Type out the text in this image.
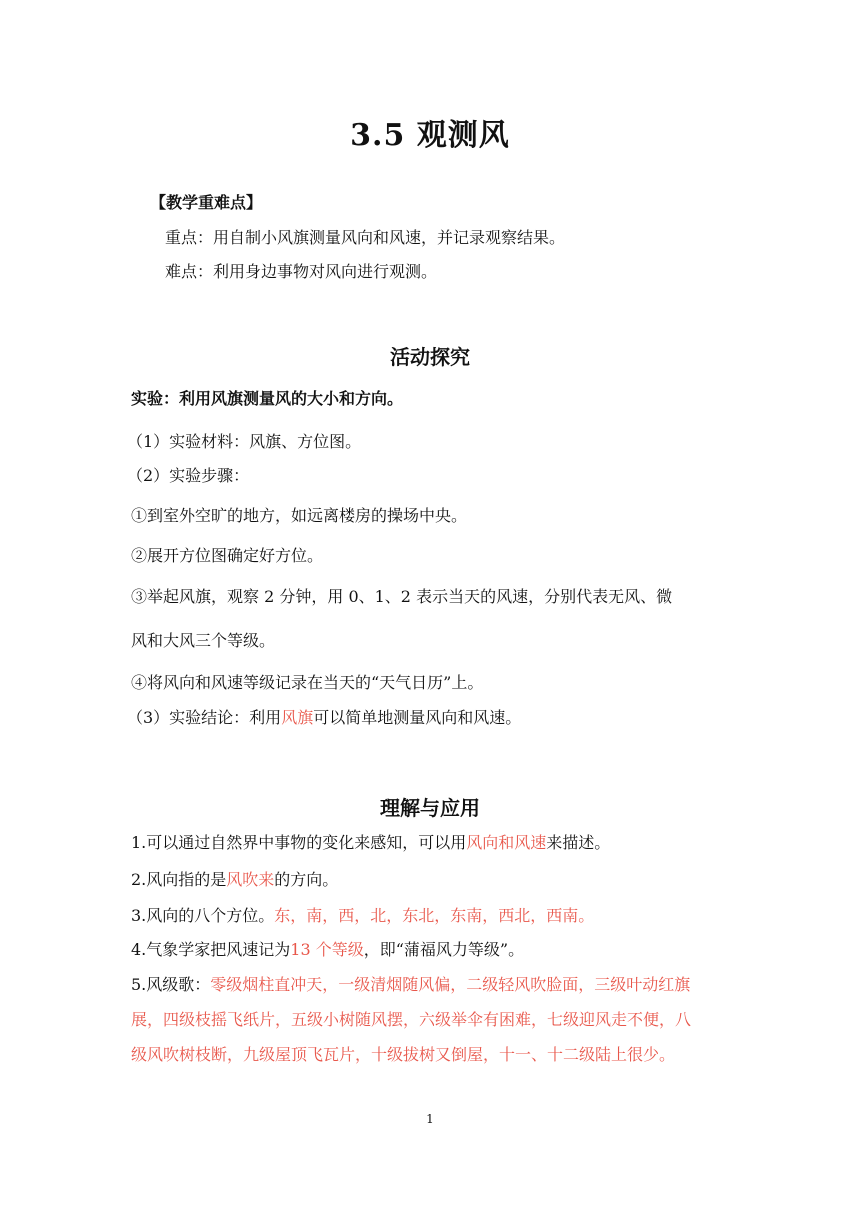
3.5 观测风
【教学重难点】
重点：用自制小风旗测量风向和风速，并记录观察结果。
难点：利用身边事物对风向进行观测。
活动探究
实验：利用风旗测量风的大小和方向。
（1）实验材料：风旗、方位图。
（2）实验步骤：
①到室外空旷的地方，如远离楼房的操场中央。
②展开方位图确定好方位。
③举起风旗，观察 2 分钟，用 0、1、2 表示当天的风速，分别代表无风、微
风和大风三个等级。
④将风向和风速等级记录在当天的“天气日历”上。
（3）实验结论：利用风旗可以简单地测量风向和风速。
理解与应用
1.可以通过自然界中事物的变化来感知，可以用风向和风速来描述。
2.风向指的是风吹来的方向。
3.风向的八个方位。东，南，西，北，东北，东南，西北，西南。
4.气象学家把风速记为13 个等级，即“蒲福风力等级”。
5.风级歌：零级烟柱直冲天，一级清烟随风偏，二级轻风吹脸面，三级叶动红旗
展，四级枝摇飞纸片，五级小树随风摆，六级举伞有困难，七级迎风走不便，八
级风吹树枝断，九级屋顶飞瓦片，十级拔树又倒屋，十一、十二级陆上很少。
1
